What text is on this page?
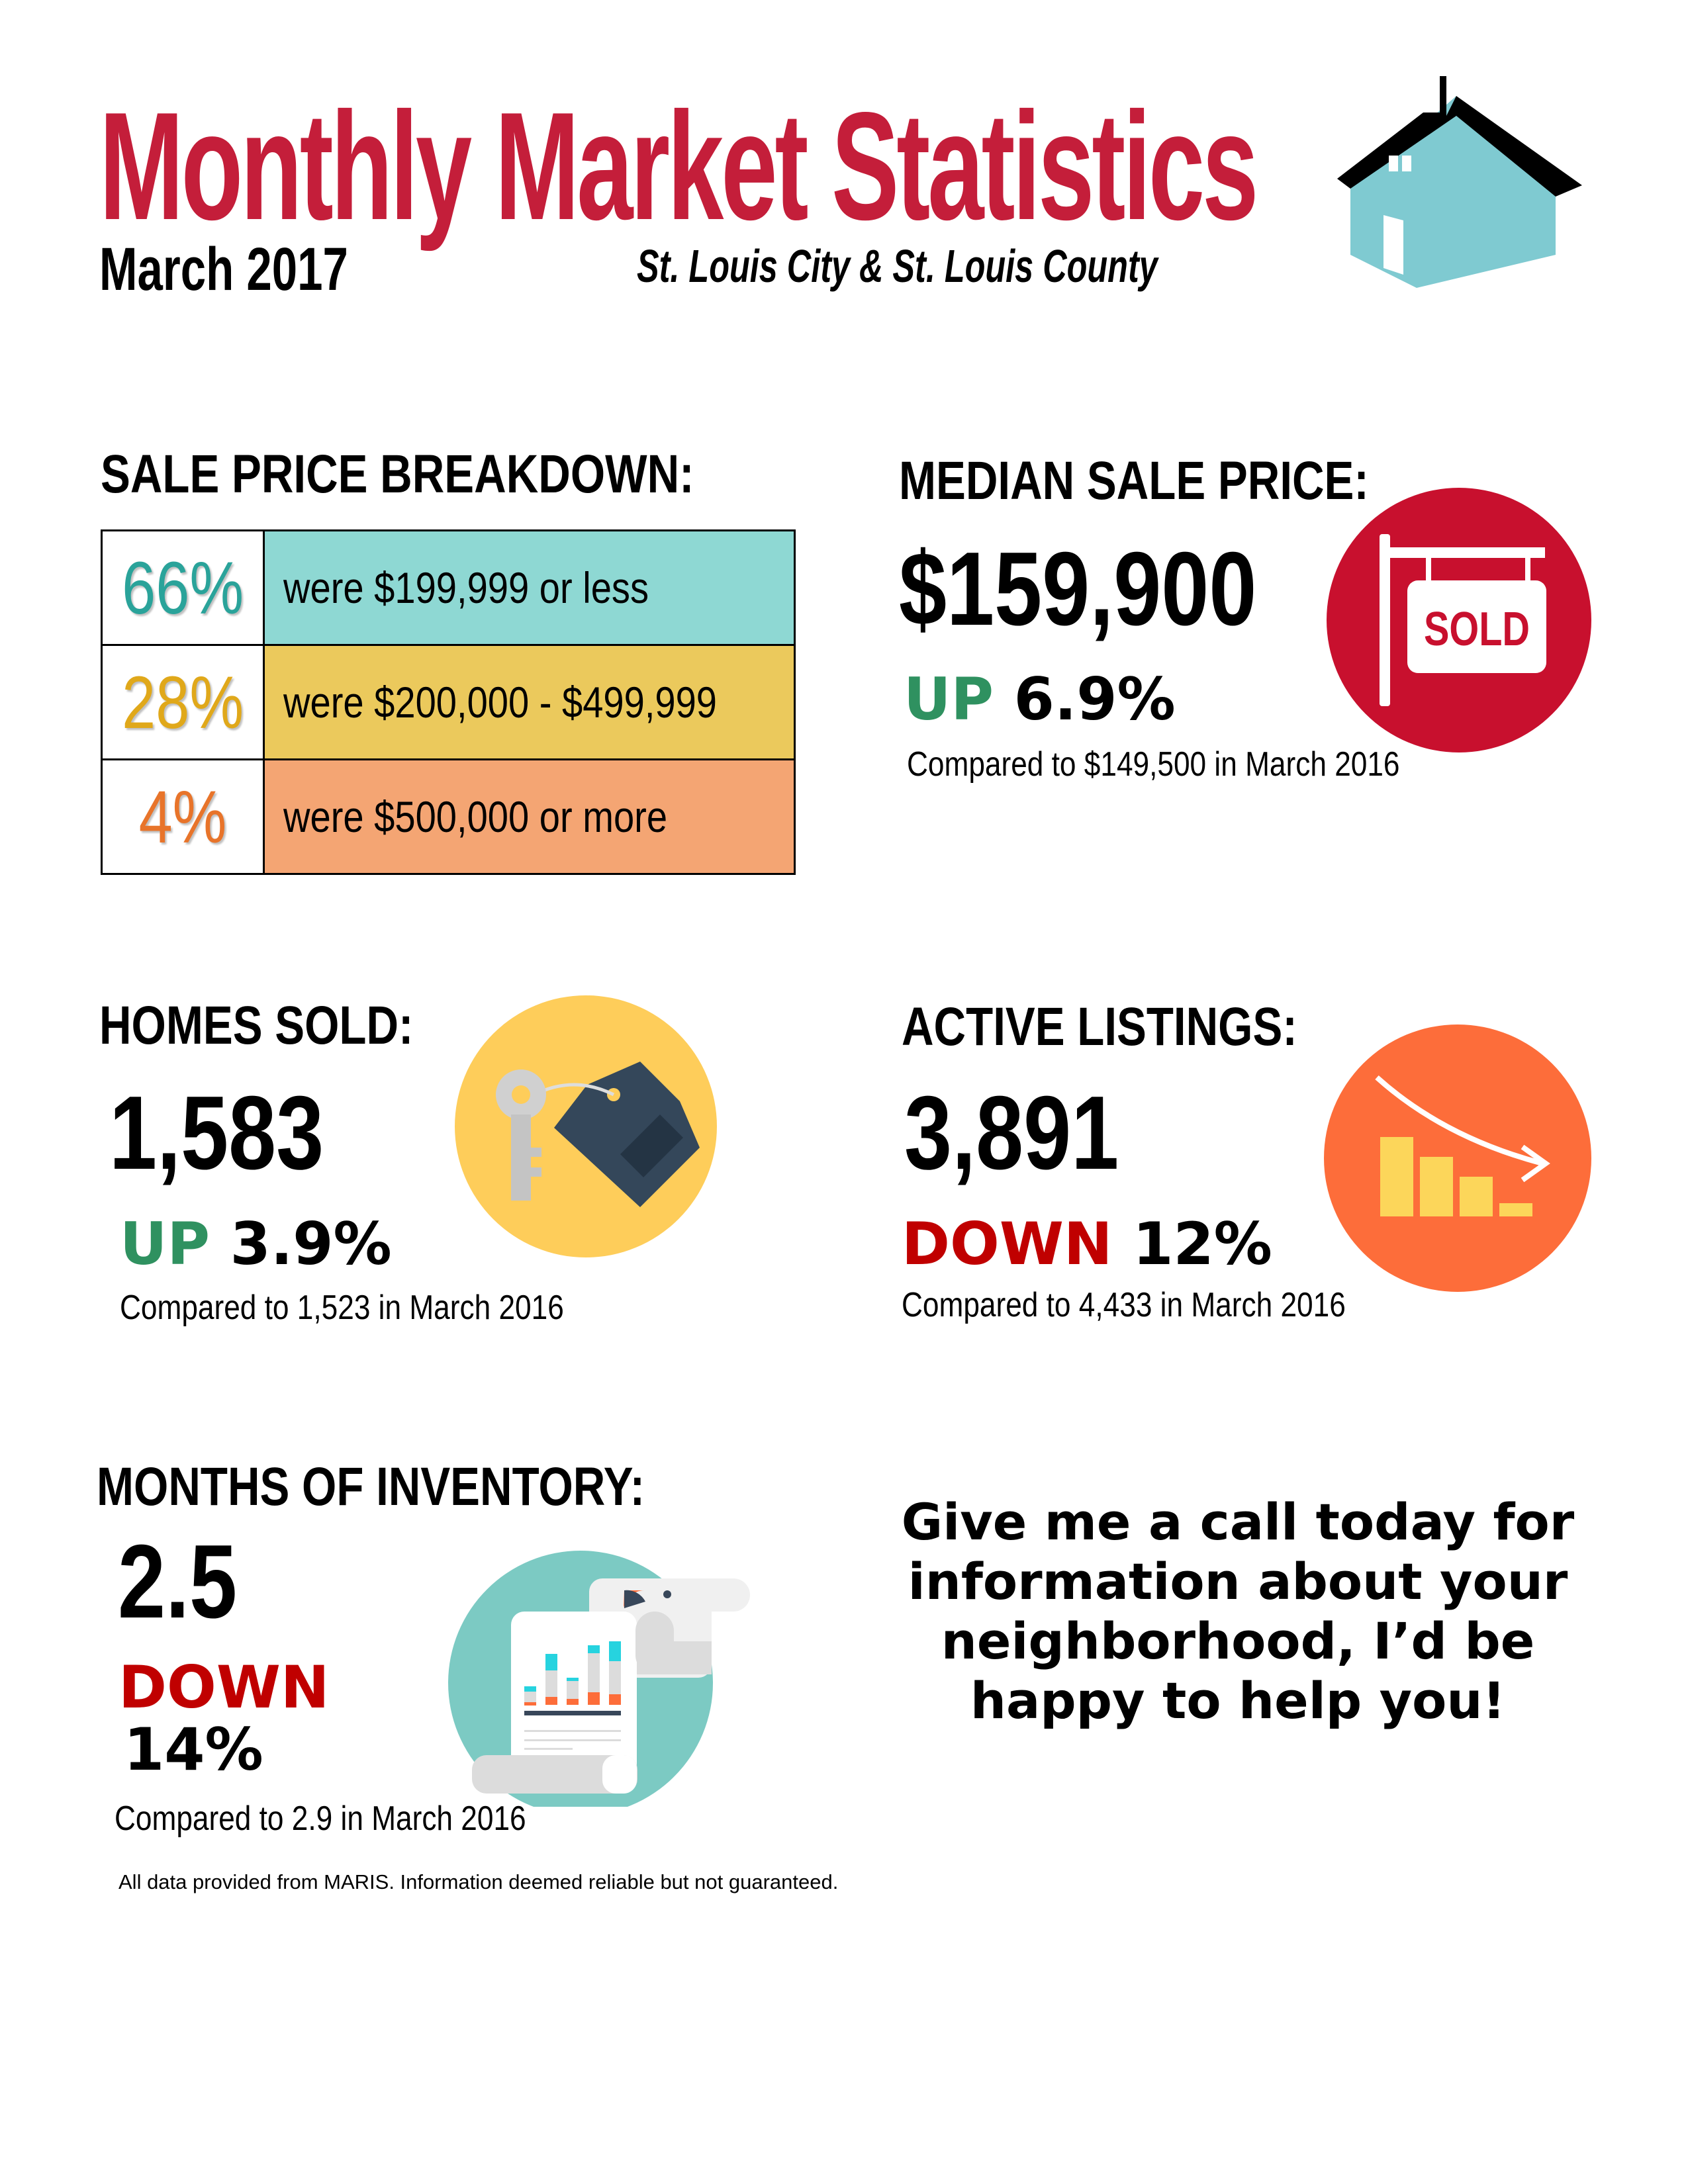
Monthly Market Statistics
March 2017	St. Louis City & St. Louis County
SALE PRICE BREAKDOWN:
66%	were $199,999 or less
28%	were $200,000 - $499,999
4%	were $500,000 or more
MEDIAN SALE PRICE:
$159,900
UP 6.9%
Compared to $149,500 in March 2016
SOLD
HOMES SOLD:
1,583
UP 3.9%
Compared to 1,523 in March 2016
ACTIVE LISTINGS:
3,891
DOWN 12%
Compared to 4,433 in March 2016
MONTHS OF INVENTORY:
2.5
DOWN
14%
Compared to 2.9 in March 2016
Give me a call today for
information about your
neighborhood, I’d be
happy to help you!
All data provided from MARIS. Information deemed reliable but not guaranteed.
